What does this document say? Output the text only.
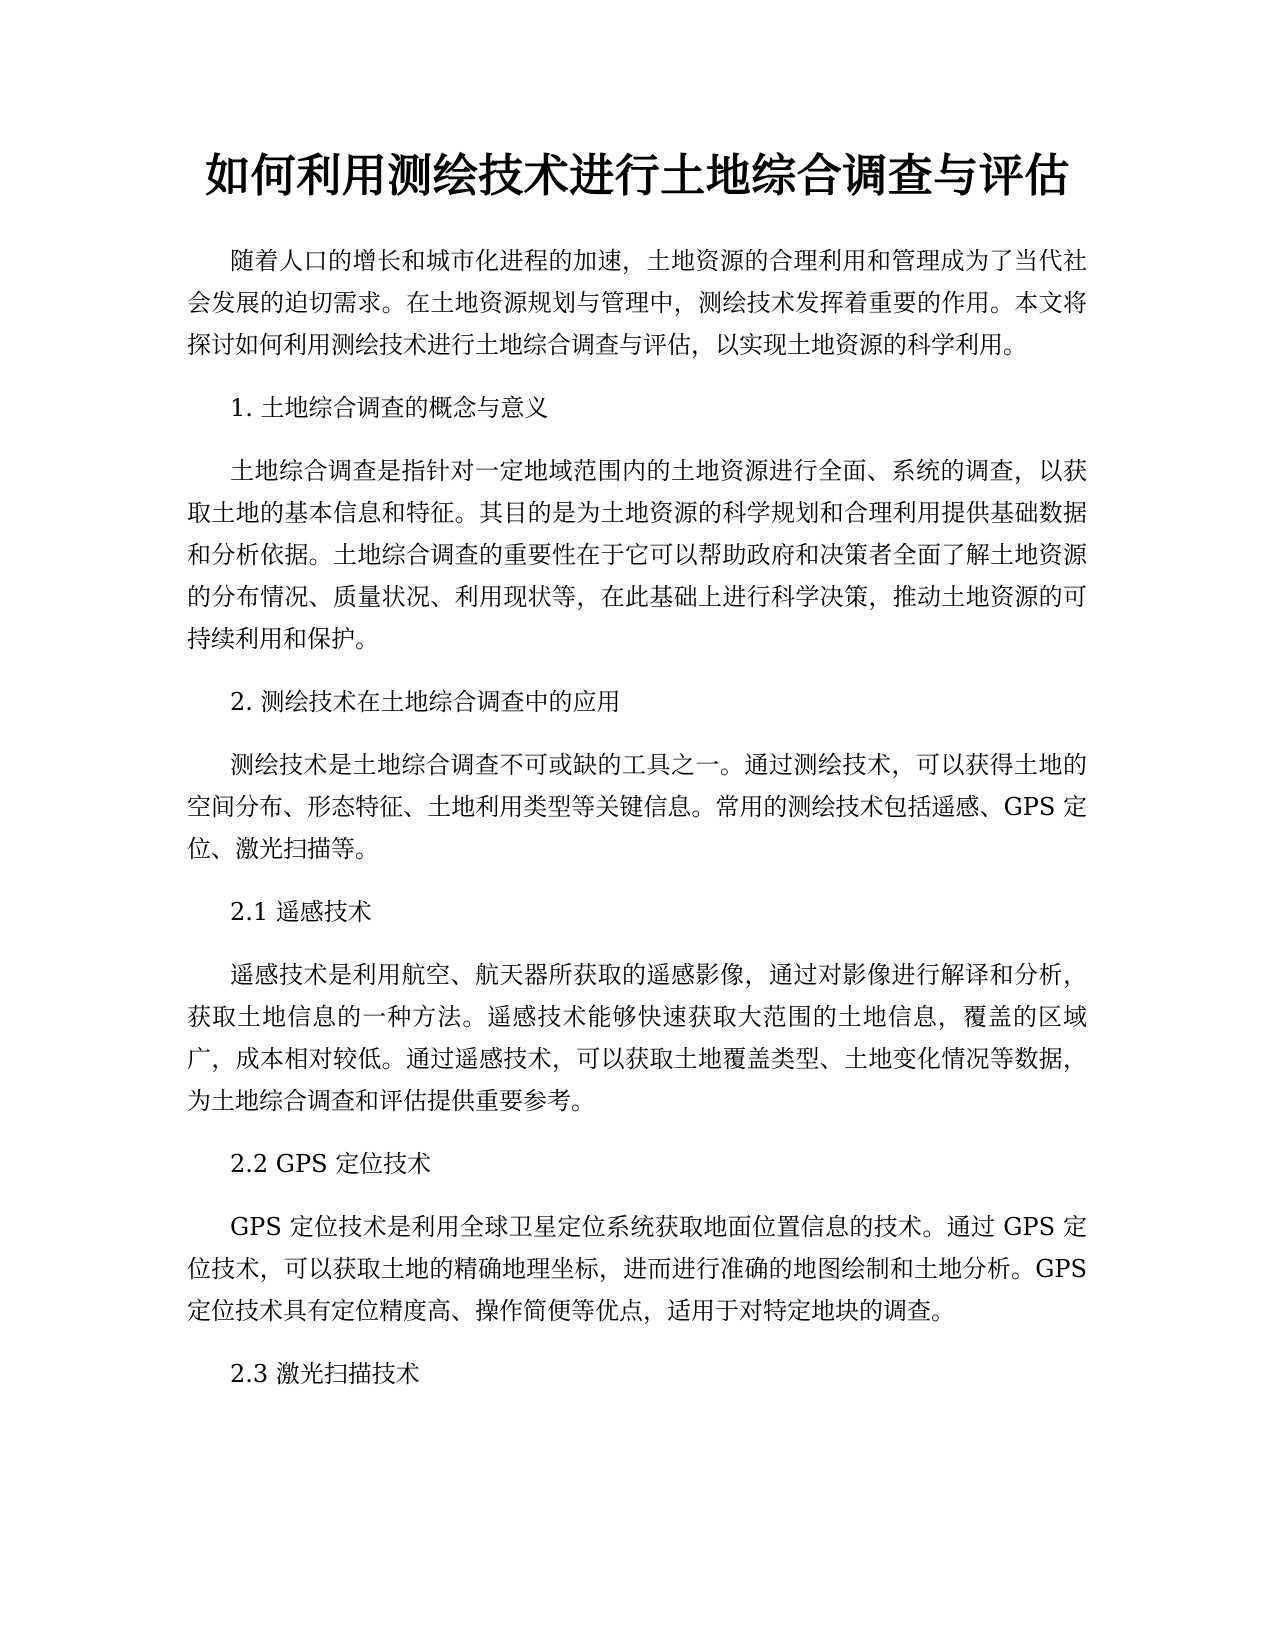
如何利用测绘技术进行土地综合调查与评估

随着人口的增长和城市化进程的加速，土地资源的合理利用和管理成为了当代社会发展的迫切需求。在土地资源规划与管理中，测绘技术发挥着重要的作用。本文将探讨如何利用测绘技术进行土地综合调查与评估，以实现土地资源的科学利用。

1. 土地综合调查的概念与意义

土地综合调查是指针对一定地域范围内的土地资源进行全面、系统的调查，以获取土地的基本信息和特征。其目的是为土地资源的科学规划和合理利用提供基础数据和分析依据。土地综合调查的重要性在于它可以帮助政府和决策者全面了解土地资源的分布情况、质量状况、利用现状等，在此基础上进行科学决策，推动土地资源的可持续利用和保护。

2. 测绘技术在土地综合调查中的应用

测绘技术是土地综合调查不可或缺的工具之一。通过测绘技术，可以获得土地的空间分布、形态特征、土地利用类型等关键信息。常用的测绘技术包括遥感、GPS 定位、激光扫描等。

2.1 遥感技术

遥感技术是利用航空、航天器所获取的遥感影像，通过对影像进行解译和分析，获取土地信息的一种方法。遥感技术能够快速获取大范围的土地信息，覆盖的区域广，成本相对较低。通过遥感技术，可以获取土地覆盖类型、土地变化情况等数据，为土地综合调查和评估提供重要参考。

2.2 GPS 定位技术

GPS 定位技术是利用全球卫星定位系统获取地面位置信息的技术。通过 GPS 定位技术，可以获取土地的精确地理坐标，进而进行准确的地图绘制和土地分析。GPS 定位技术具有定位精度高、操作简便等优点，适用于对特定地块的调查。

2.3 激光扫描技术
